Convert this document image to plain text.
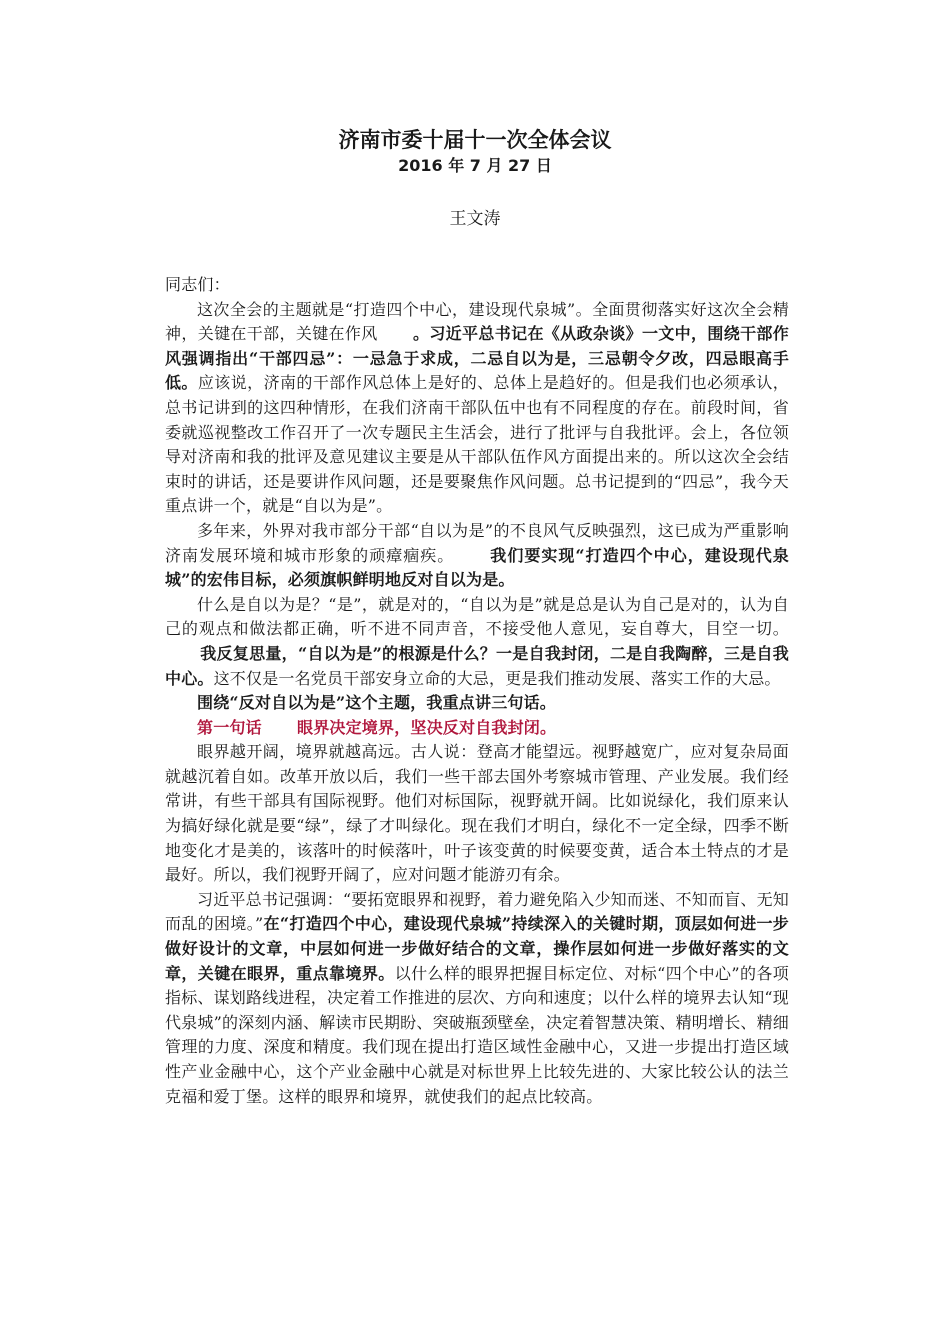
济南市委十届十一次全体会议

2016 年 7 月 27 日

王文涛

同志们：

这次全会的主题就是“打造四个中心，建设现代泉城”。全面贯彻落实好这次全会精神，关键在干部，关键在作风 。习近平总书记在《从政杂谈》一文中，围绕干部作风强调指出“干部四忌”：一忌急于求成，二忌自以为是，三忌朝令夕改，四忌眼高手低。应该说，济南的干部作风总体上是好的、总体上是趋好的。但是我们也必须承认，总书记讲到的这四种情形，在我们济南干部队伍中也有不同程度的存在。前段时间，省委就巡视整改工作召开了一次专题民主生活会，进行了批评与自我批评。会上，各位领导对济南和我的批评及意见建议主要是从干部队伍作风方面提出来的。所以这次全会结束时的讲话，还是要讲作风问题，还是要聚焦作风问题。总书记提到的“四忌”，我今天重点讲一个，就是“自以为是”。

多年来，外界对我市部分干部“自以为是”的不良风气反映强烈，这已成为严重影响济南发展环境和城市形象的顽瘴痼疾。 我们要实现“打造四个中心，建设现代泉城”的宏伟目标，必须旗帜鲜明地反对自以为是。

什么是自以为是？“是”，就是对的，“自以为是”就是总是认为自己是对的，认为自己的观点和做法都正确，听不进不同声音，不接受他人意见，妄自尊大，目空一切。我反复思量，“自以为是”的根源是什么？一是自我封闭，二是自我陶醉，三是自我中心。这不仅是一名党员干部安身立命的大忌，更是我们推动发展、落实工作的大忌。

围绕“反对自以为是”这个主题，我重点讲三句话。

第一句话 眼界决定境界，坚决反对自我封闭。

眼界越开阔，境界就越高远。古人说：登高才能望远。视野越宽广，应对复杂局面就越沉着自如。改革开放以后，我们一些干部去国外考察城市管理、产业发展。我们经常讲，有些干部具有国际视野。他们对标国际，视野就开阔。比如说绿化，我们原来认为搞好绿化就是要“绿”，绿了才叫绿化。现在我们才明白，绿化不一定全绿，四季不断地变化才是美的，该落叶的时候落叶，叶子该变黄的时候要变黄，适合本土特点的才是最好。所以，我们视野开阔了，应对问题才能游刃有余。

习近平总书记强调：“要拓宽眼界和视野，着力避免陷入少知而迷、不知而盲、无知而乱的困境。”在“打造四个中心，建设现代泉城”持续深入的关键时期，顶层如何进一步做好设计的文章，中层如何进一步做好结合的文章，操作层如何进一步做好落实的文章，关键在眼界，重点靠境界。以什么样的眼界把握目标定位、对标“四个中心”的各项指标、谋划路线进程，决定着工作推进的层次、方向和速度；以什么样的境界去认知“现代泉城”的深刻内涵、解读市民期盼、突破瓶颈壁垒，决定着智慧决策、精明增长、精细管理的力度、深度和精度。我们现在提出打造区域性金融中心，又进一步提出打造区域性产业金融中心，这个产业金融中心就是对标世界上比较先进的、大家比较公认的法兰克福和爱丁堡。这样的眼界和境界，就使我们的起点比较高。
